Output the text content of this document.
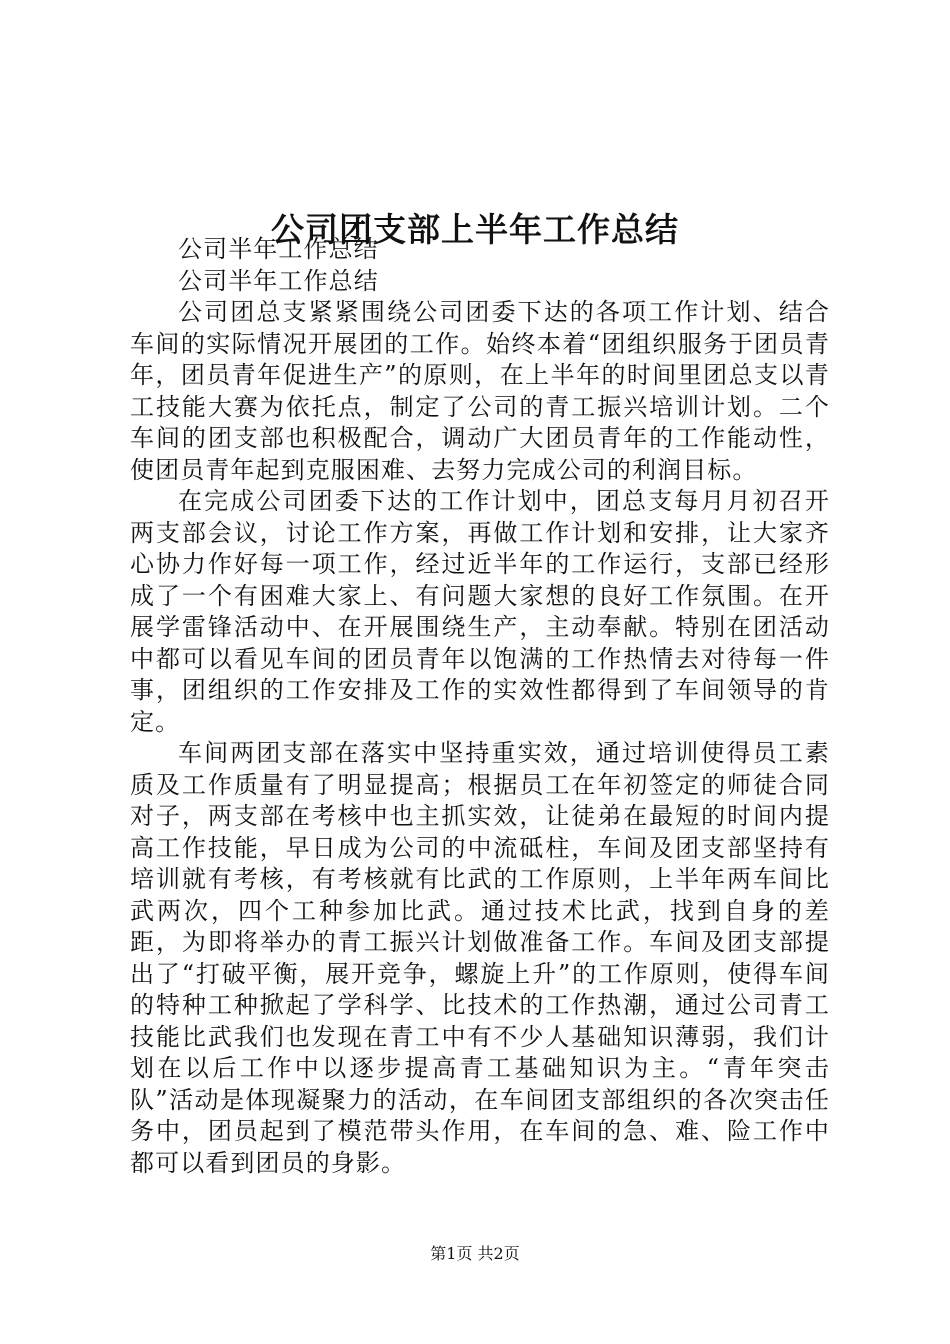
公司团支部上半年工作总结

公司半年工作总结

公司半年工作总结

公司团总支紧紧围绕公司团委下达的各项工作计划、结合车间的实际情况开展团的工作。始终本着“团组织服务于团员青年，团员青年促进生产”的原则，在上半年的时间里团总支以青工技能大赛为依托点，制定了公司的青工振兴培训计划。二个车间的团支部也积极配合，调动广大团员青年的工作能动性，使团员青年起到克服困难、去努力完成公司的利润目标。

在完成公司团委下达的工作计划中，团总支每月月初召开两支部会议，讨论工作方案，再做工作计划和安排，让大家齐心协力作好每一项工作，经过近半年的工作运行，支部已经形成了一个有困难大家上、有问题大家想的良好工作氛围。在开展学雷锋活动中、在开展围绕生产，主动奉献。特别在团活动中都可以看见车间的团员青年以饱满的工作热情去对待每一件事，团组织的工作安排及工作的实效性都得到了车间领导的肯定。

车间两团支部在落实中坚持重实效，通过培训使得员工素质及工作质量有了明显提高；根据员工在年初签定的师徒合同对子，两支部在考核中也主抓实效，让徒弟在最短的时间内提高工作技能，早日成为公司的中流砥柱，车间及团支部坚持有培训就有考核，有考核就有比武的工作原则，上半年两车间比武两次，四个工种参加比武。通过技术比武，找到自身的差距，为即将举办的青工振兴计划做准备工作。车间及团支部提出了“打破平衡，展开竞争，螺旋上升”的工作原则，使得车间的特种工种掀起了学科学、比技术的工作热潮，通过公司青工技能比武我们也发现在青工中有不少人基础知识薄弱，我们计划在以后工作中以逐步提高青工基础知识为主。“青年突击队”活动是体现凝聚力的活动，在车间团支部组织的各次突击任务中，团员起到了模范带头作用，在车间的急、难、险工作中都可以看到团员的身影。

第1页 共2页
